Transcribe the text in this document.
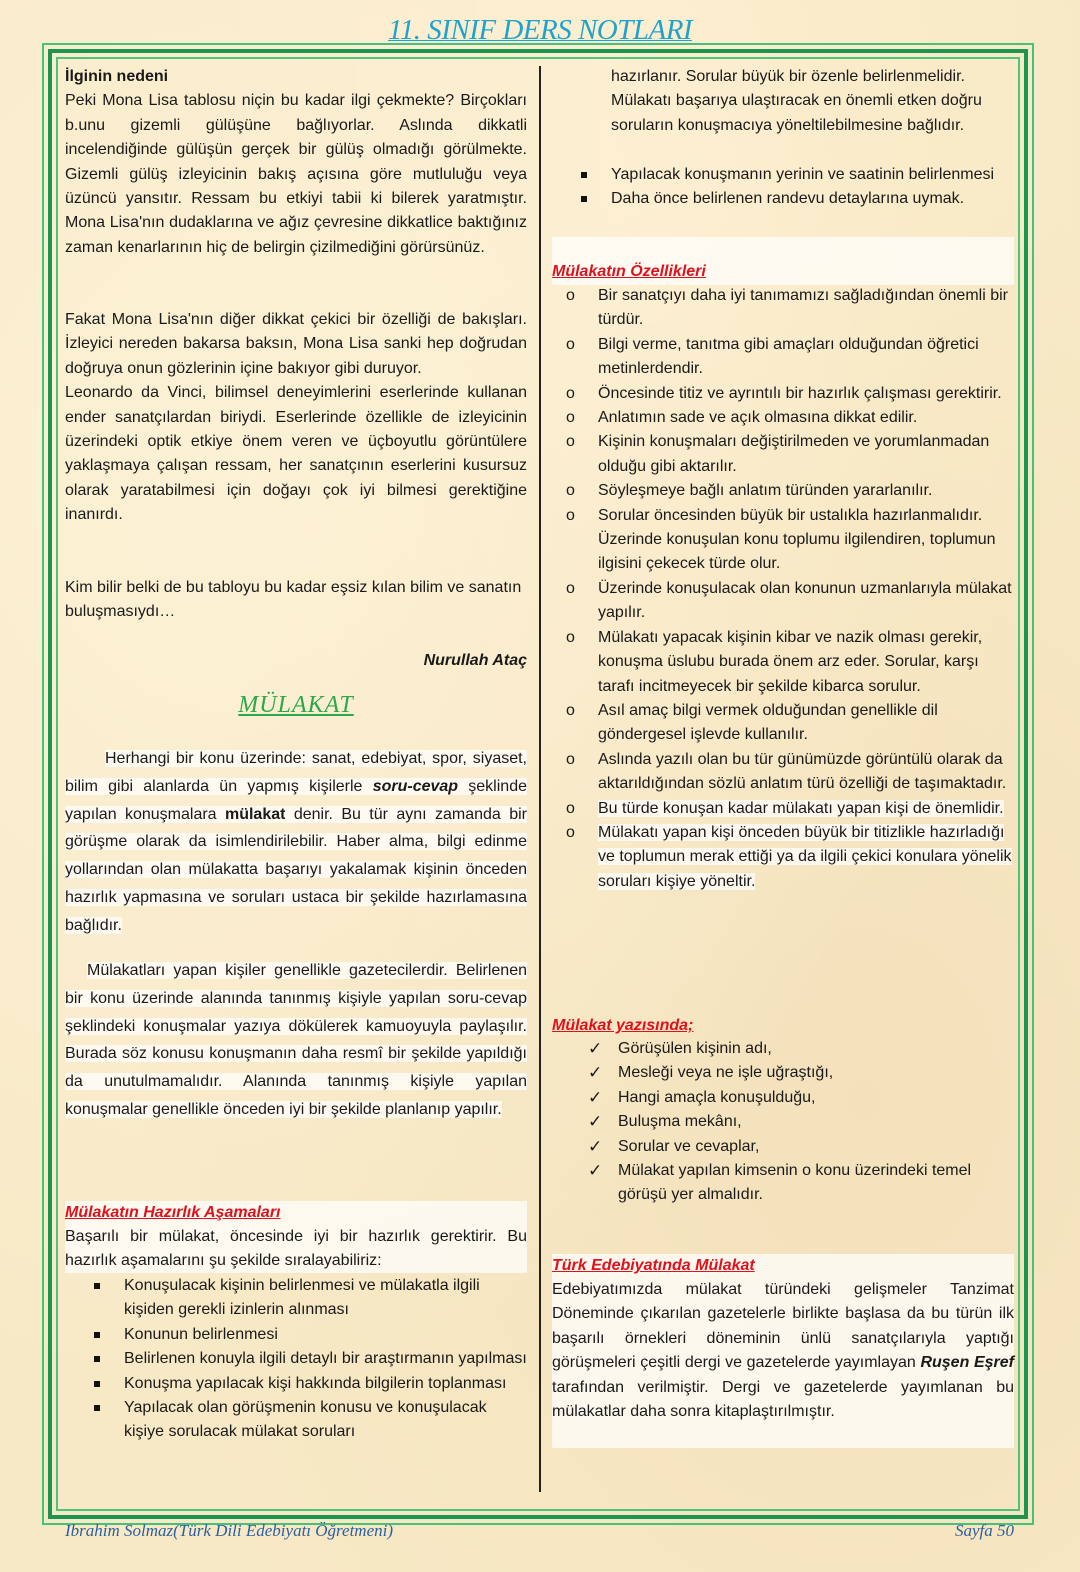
11. SINIF DERS NOTLARI
İlginin nedeni

Peki Mona Lisa tablosu niçin bu kadar ilgi çekmekte? Birçokları b.unu gizemli gülüşüne bağlıyorlar. Aslında dikkatli incelendiğinde gülüşün gerçek bir gülüş olmadığı görülmekte. Gizemli gülüş izleyicinin bakış açısına göre mutluluğu veya üzüncü yansıtır. Ressam bu etkiyi tabii ki bilerek yaratmıştır. Mona Lisa'nın dudaklarına ve ağız çevresine dikkatlice baktığınız zaman kenarlarının hiç de belirgin çizilmediğini görürsünüz.

Fakat Mona Lisa'nın diğer dikkat çekici bir özelliği de bakışları. İzleyici nereden bakarsa baksın, Mona Lisa sanki hep doğrudan doğruya onun gözlerinin içine bakıyor gibi duruyor.

Leonardo da Vinci, bilimsel deneyimlerini eserlerinde kullanan ender sanatçılardan biriydi. Eserlerinde özellikle de izleyicinin üzerindeki optik etkiye önem veren ve üçboyutlu görüntülere yaklaşmaya çalışan ressam, her sanatçının eserlerini kusursuz olarak yaratabilmesi için doğayı çok iyi bilmesi gerektiğine inanırdı.

Kim bilir belki de bu tabloyu bu kadar eşsiz kılan bilim ve sanatın buluşmasıydı…
Nurullah Ataç
MÜLAKAT
Herhangi bir konu üzerinde: sanat, edebiyat, spor, siyaset, bilim gibi alanlarda ün yapmış kişilerle soru-cevap şeklinde yapılan konuşmalara mülakat denir. Bu tür aynı zamanda bir görüşme olarak da isimlendirilebilir. Haber alma, bilgi edinme yollarından olan mülakatta başarıyı yakalamak kişinin önceden hazırlık yapmasına ve soruları ustaca bir şekilde hazırlamasına bağlıdır.
Mülakatları yapan kişiler genellikle gazetecilerdir. Belirlenen bir konu üzerinde alanında tanınmış kişiyle yapılan soru-cevap şeklindeki konuşmalar yazıya dökülerek kamuoyuyla paylaşılır. Burada söz konusu konuşmanın daha resmî bir şekilde yapıldığı da unutulmamalıdır. Alanında tanınmış kişiyle yapılan konuşmalar genellikle önceden iyi bir şekilde planlanıp yapılır.
Mülakatın Hazırlık Aşamaları
Başarılı bir mülakat, öncesinde iyi bir hazırlık gerektirir. Bu hazırlık aşamalarını şu şekilde sıralayabiliriz:
Konuşulacak kişinin belirlenmesi ve mülakatla ilgili kişiden gerekli izinlerin alınması
Konunun belirlenmesi
Belirlenen konuyla ilgili detaylı bir araştırmanın yapılması
Konuşma yapılacak kişi hakkında bilgilerin toplanması
Yapılacak olan görüşmenin konusu ve konuşulacak kişiye sorulacak mülakat soruları
hazırlanır. Sorular büyük bir özenle belirlenmelidir. Mülakatı başarıya ulaştıracak en önemli etken doğru soruların konuşmacıya yöneltilebilmesine bağlıdır.
Yapılacak konuşmanın yerinin ve saatinin belirlenmesi
Daha önce belirlenen randevu detaylarına uymak.
Mülakatın Özellikleri
o Bir sanatçıyı daha iyi tanımamızı sağladığından önemli bir türdür.
o Bilgi verme, tanıtma gibi amaçları olduğundan öğretici metinlerdendir.
o Öncesinde titiz ve ayrıntılı bir hazırlık çalışması gerektirir.
o Anlatımın sade ve açık olmasına dikkat edilir.
o Kişinin konuşmaları değiştirilmeden ve yorumlanmadan olduğu gibi aktarılır.
o Söyleşmeye bağlı anlatım türünden yararlanılır.
o Sorular öncesinden büyük bir ustalıkla hazırlanmalıdır. Üzerinde konuşulan konu toplumu ilgilendiren, toplumun ilgisini çekecek türde olur.
o Üzerinde konuşulacak olan konunun uzmanlarıyla mülakat yapılır.
o Mülakatı yapacak kişinin kibar ve nazik olması gerekir, konuşma üslubu burada önem arz eder. Sorular, karşı tarafı incitmeyecek bir şekilde kibarca sorulur.
o Asıl amaç bilgi vermek olduğundan genellikle dil göndergesel işlevde kullanılır.
o Aslında yazılı olan bu tür günümüzde görüntülü olarak da aktarıldığından sözlü anlatım türü özelliği de taşımaktadır.
o Bu türde konuşan kadar mülakatı yapan kişi de önemlidir.
o Mülakatı yapan kişi önceden büyük bir titizlikle hazırladığı ve toplumun merak ettiği ya da ilgili çekici konulara yönelik soruları kişiye yöneltir.
Mülakat yazısında;
✓ Görüşülen kişinin adı,
✓ Mesleği veya ne işle uğraştığı,
✓ Hangi amaçla konuşulduğu,
✓ Buluşma mekânı,
✓ Sorular ve cevaplar,
✓ Mülakat yapılan kimsenin o konu üzerindeki temel görüşü yer almalıdır.
Türk Edebiyatında Mülakat
Edebiyatımızda mülakat türündeki gelişmeler Tanzimat Döneminde çıkarılan gazetelerle birlikte başlasa da bu türün ilk başarılı örnekleri döneminin ünlü sanatçılarıyla yaptığı görüşmeleri çeşitli dergi ve gazetelerde yayımlayan Ruşen Eşref tarafından verilmiştir. Dergi ve gazetelerde yayımlanan bu mülakatlar daha sonra kitaplaştırılmıştır.
Ibrahim Solmaz(Türk Dili Edebiyatı Öğretmeni)	Sayfa 50
